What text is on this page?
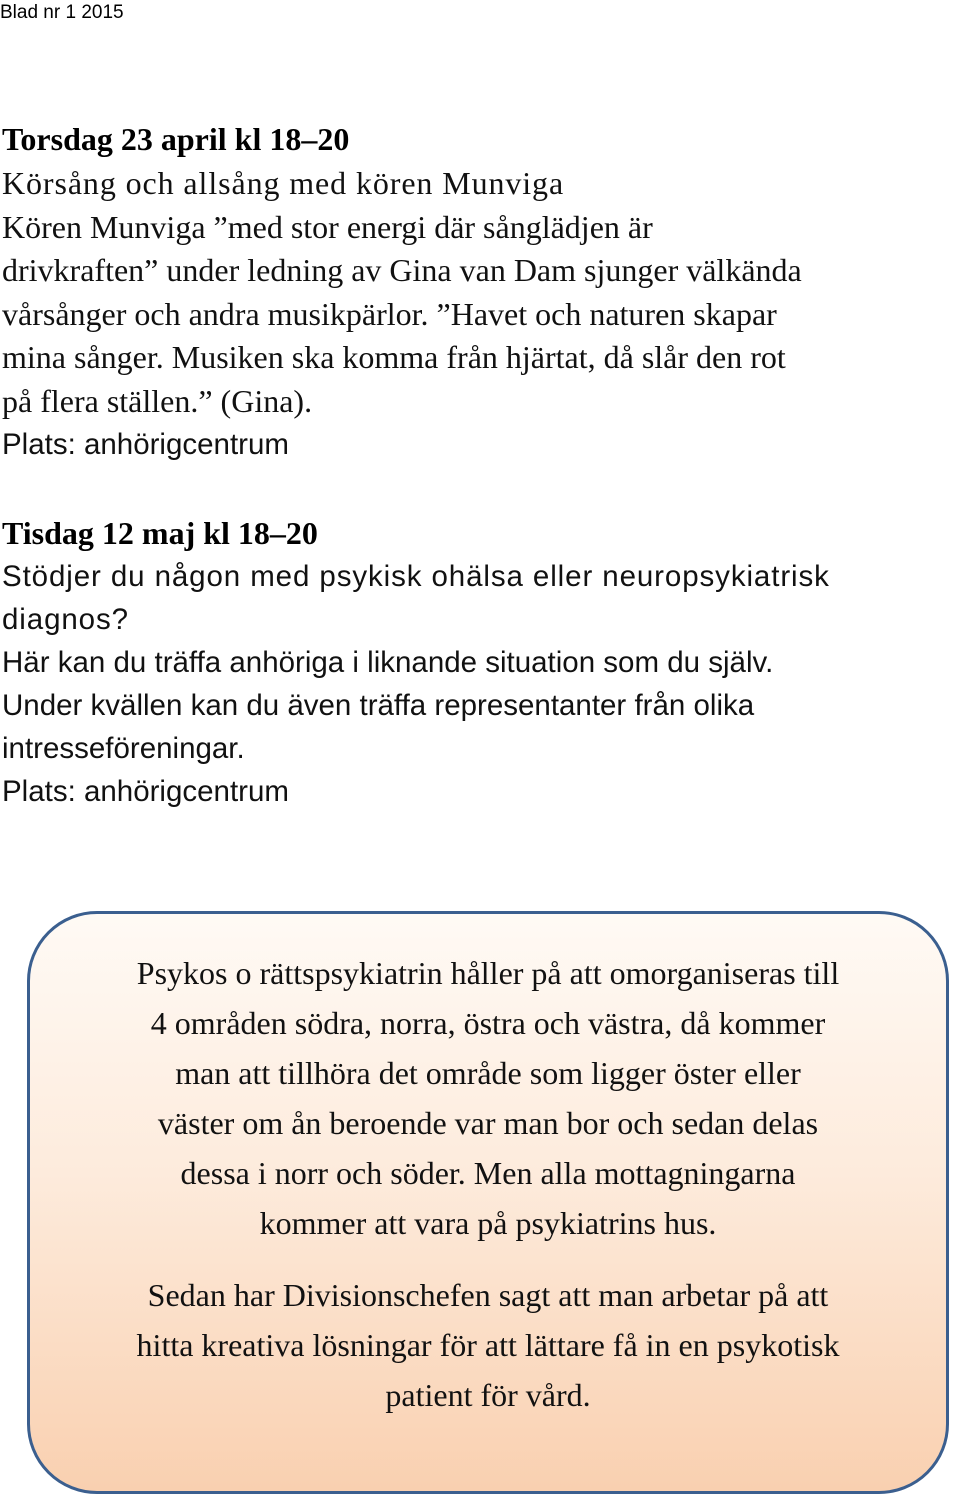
Blad nr 1 2015
Torsdag 23 april kl 18–20
Körsång och allsång med kören Munviga
Kören Munviga ”med stor energi där sånglädjen är
drivkraften” under ledning av Gina van Dam sjunger välkända
vårsånger och andra musikpärlor. ”Havet och naturen skapar
mina sånger. Musiken ska komma från hjärtat, då slår den rot
på flera ställen.” (Gina).
Plats: anhörigcentrum
Tisdag 12 maj kl 18–20
Stödjer du någon med psykisk ohälsa eller neuropsykiatrisk
diagnos?
Här kan du träffa anhöriga i liknande situation som du själv.
Under kvällen kan du även träffa representanter från olika
intresseföreningar.
Plats: anhörigcentrum
Psykos o rättspsykiatrin håller på att omorganiseras till
4 områden södra, norra, östra och västra, då kommer
man att tillhöra det område som ligger öster eller
väster om ån beroende var man bor och sedan delas
dessa i norr och söder. Men alla mottagningarna
kommer att vara på psykiatrins hus.
Sedan har Divisionschefen sagt att man arbetar på att
hitta kreativa lösningar för att lättare få in en psykotisk
patient för vård.
